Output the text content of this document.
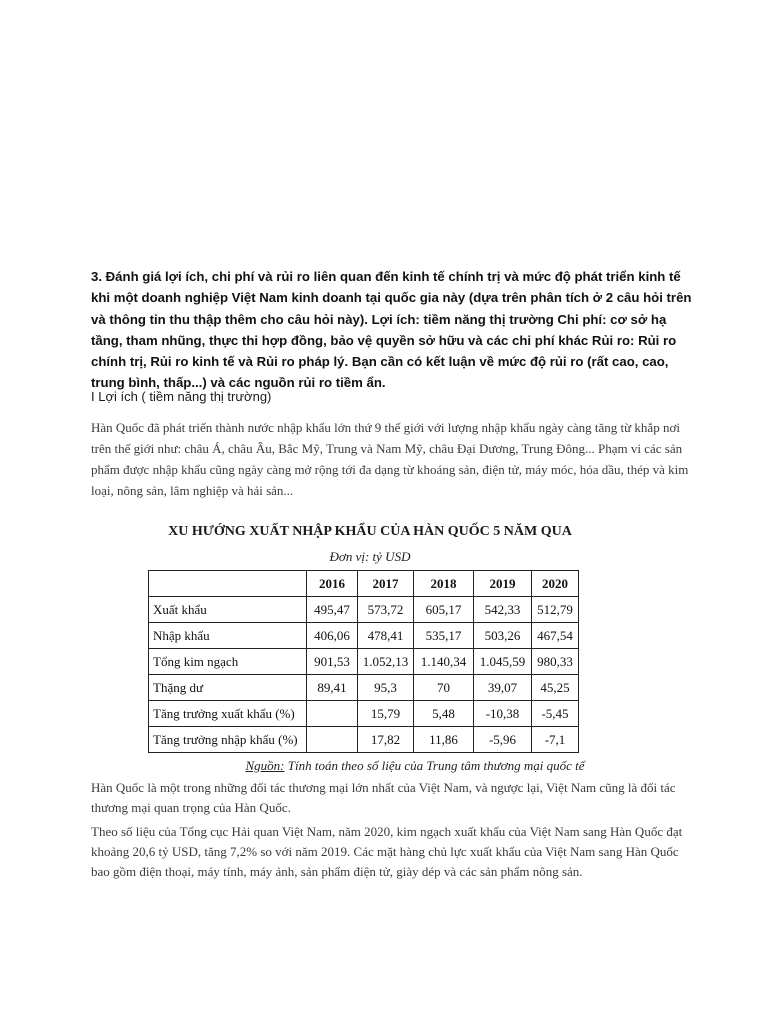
3. Đánh giá lợi ích, chi phí và rủi ro liên quan đến kinh tế chính trị và mức độ phát triển kinh tế khi một doanh nghiệp Việt Nam kinh doanh tại quốc gia này (dựa trên phân tích ở 2 câu hỏi trên và thông tin thu thập thêm cho câu hỏi này). Lợi ích: tiềm năng thị trường Chi phí: cơ sở hạ tầng, tham nhũng, thực thi hợp đồng, bảo vệ quyền sở hữu và các chi phí khác Rủi ro: Rủi ro chính trị, Rủi ro kinh tế và Rủi ro pháp lý. Bạn cần có kết luận về mức độ rủi ro (rất cao, cao, trung bình, thấp...) và các nguồn rủi ro tiềm ẩn.

I Lợi ích ( tiềm năng thị trường)

Hàn Quốc đã phát triển thành nước nhập khẩu lớn thứ 9 thế giới với lượng nhập khẩu ngày càng tăng từ khắp nơi trên thế giới như: châu Á, châu Âu, Bắc Mỹ, Trung và Nam Mỹ, châu Đại Dương, Trung Đông... Phạm vi các sản phẩm được nhập khẩu cũng ngày càng mở rộng tới đa dạng từ khoáng sản, điện tử, máy móc, hóa dầu, thép và kim loại, nông sản, lâm nghiệp và hải sản...

XU HƯỚNG XUẤT NHẬP KHẨU CỦA HÀN QUỐC 5 NĂM QUA
Đơn vị: tỷ USD
	2016	2017	2018	2019	2020
Xuất khẩu	495,47	573,72	605,17	542,33	512,79
Nhập khẩu	406,06	478,41	535,17	503,26	467,54
Tổng kim ngạch	901,53	1.052,13	1.140,34	1.045,59	980,33
Thặng dư	89,41	95,3	70	39,07	45,25
Tăng trưởng xuất khẩu (%)		15,79	5,48	-10,38	-5,45
Tăng trưởng nhập khẩu (%)		17,82	11,86	-5,96	-7,1
Nguồn: Tính toán theo số liệu của Trung tâm thương mại quốc tế

Hàn Quốc là một trong những đối tác thương mại lớn nhất của Việt Nam, và ngược lại, Việt Nam cũng là đối tác thương mại quan trọng của Hàn Quốc.

Theo số liệu của Tổng cục Hải quan Việt Nam, năm 2020, kim ngạch xuất khẩu của Việt Nam sang Hàn Quốc đạt khoảng 20,6 tỷ USD, tăng 7,2% so với năm 2019. Các mặt hàng chủ lực xuất khẩu của Việt Nam sang Hàn Quốc bao gồm điện thoại, máy tính, máy ảnh, sản phẩm điện tử, giày dép và các sản phẩm nông sản.
